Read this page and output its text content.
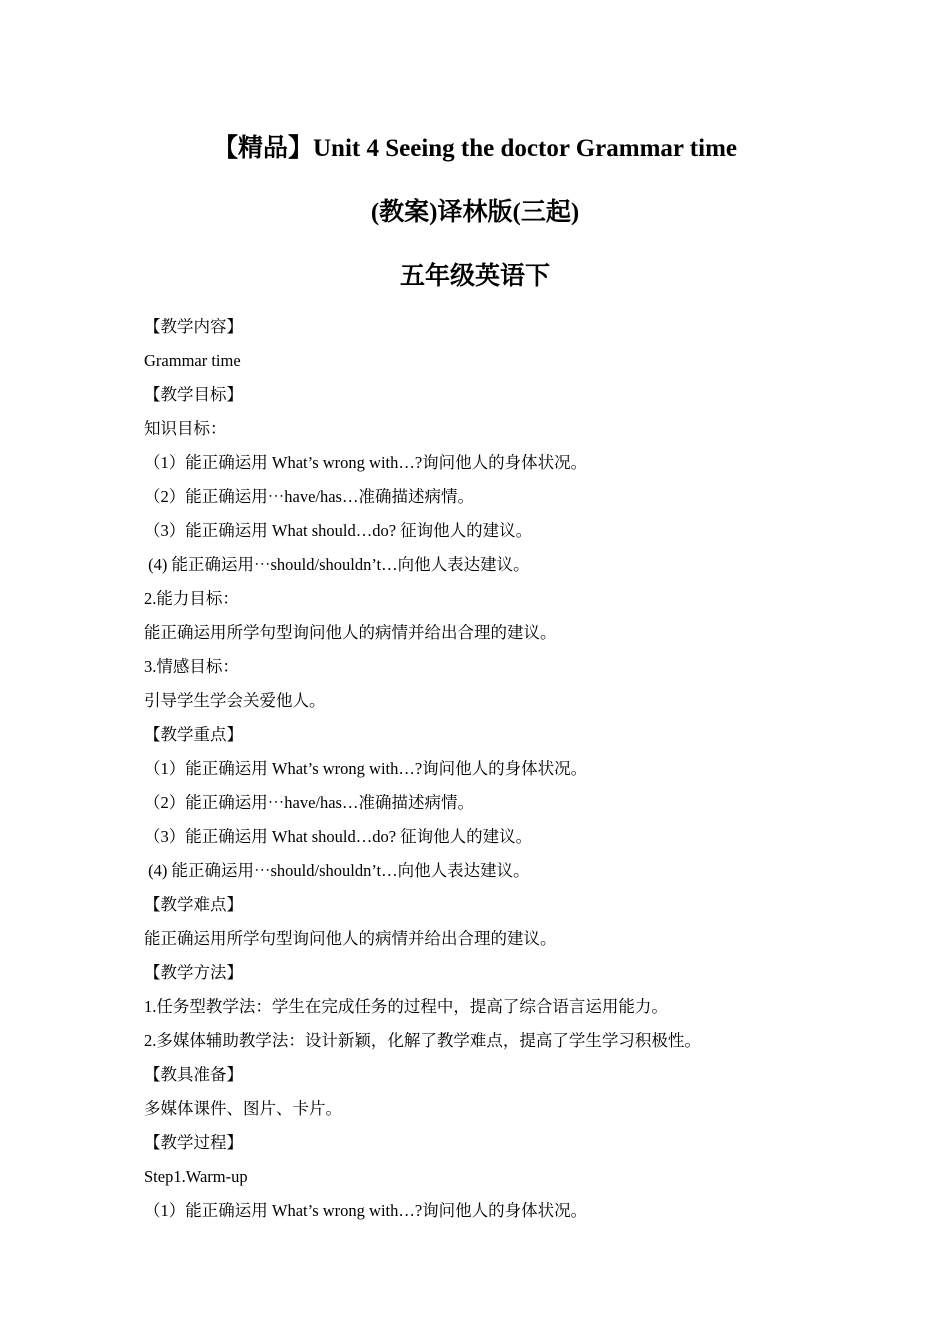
【精品】Unit 4 Seeing the doctor Grammar time
(教案)译林版(三起)
五年级英语下
【教学内容】
Grammar time
【教学目标】
知识目标：
（1）能正确运用 What’s wrong with…?询问他人的身体状况。
（2）能正确运用⋯have/has…准确描述病情。
（3）能正确运用 What should…do? 征询他人的建议。
(4) 能正确运用⋯should/shouldn’t…向他人表达建议。
2.能力目标：
能正确运用所学句型询问他人的病情并给出合理的建议。
3.情感目标：
引导学生学会关爱他人。
【教学重点】
（1）能正确运用 What’s wrong with…?询问他人的身体状况。
（2）能正确运用⋯have/has…准确描述病情。
（3）能正确运用 What should…do? 征询他人的建议。
(4) 能正确运用⋯should/shouldn’t…向他人表达建议。
【教学难点】
能正确运用所学句型询问他人的病情并给出合理的建议。
【教学方法】
1.任务型教学法：学生在完成任务的过程中，提高了综合语言运用能力。
2.多媒体辅助教学法：设计新颖，化解了教学难点，提高了学生学习积极性。
【教具准备】
多媒体课件、图片、卡片。
【教学过程】
Step1.Warm-up
（1）能正确运用 What’s wrong with…?询问他人的身体状况。
